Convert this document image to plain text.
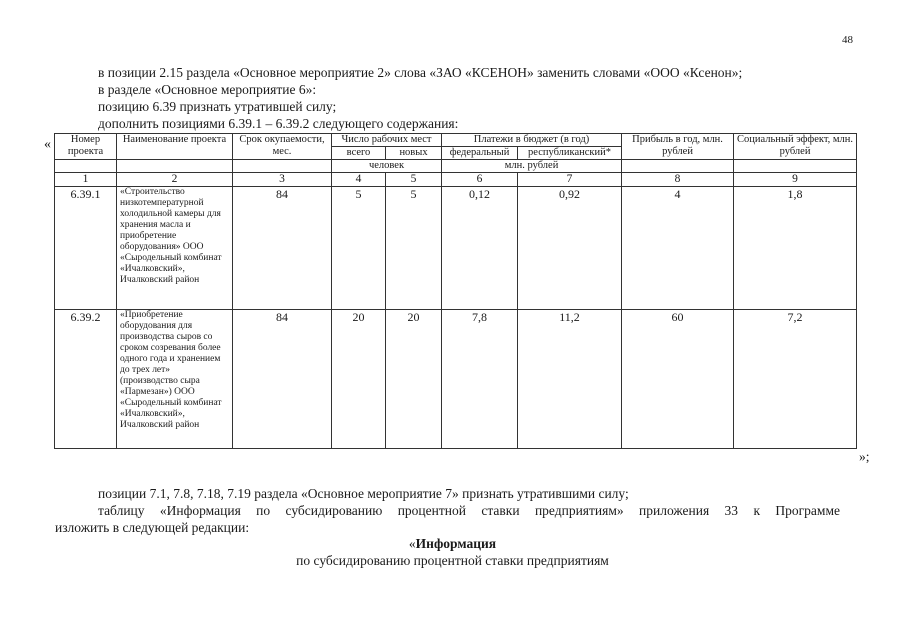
48
в позиции 2.15 раздела «Основное мероприятие 2» слова «ЗАО «КСЕНОН» заменить словами «ООО «Ксенон»;
в разделе «Основное мероприятие 6»:
позицию 6.39 признать утратившей силу;
дополнить позициями 6.39.1 – 6.39.2 следующего содержания:
« Номер проекта	Наименование проекта	Срок окупаемости, мес.	Число рабочих мест		Платежи в бюджет (в год)		Прибыль в год, млн. рублей	Социальный эффект, млн. рублей

			всего	новых	федеральный	республиканский*		

			человек		млн. рублей			
1	2	3	4	5	6	7	8	9
6.39.1	«Строительство низкотемпературной холодильной камеры для хранения масла и приобретение оборудования» ООО «Сыродельный комбинат «Ичалковский», Ичалковский район	84	5	5	0,12	0,92	4	1,8
6.39.2	«Приобретение оборудования для производства сыров со сроком созревания более одного года и хранением до трех лет» (производство сыра «Пармезан») ООО «Сыродельный комбинат «Ичалковский», Ичалковский район	84	20	20	7,8	11,2	60	7,2
»;
позиции 7.1, 7.8, 7.18, 7.19 раздела «Основное мероприятие 7» признать утратившими силу;
таблицу «Информация по субсидированию процентной ставки предприятиям» приложения 33 к Программе
изложить в следующей редакции:
«Информация
по субсидированию процентной ставки предприятиям
